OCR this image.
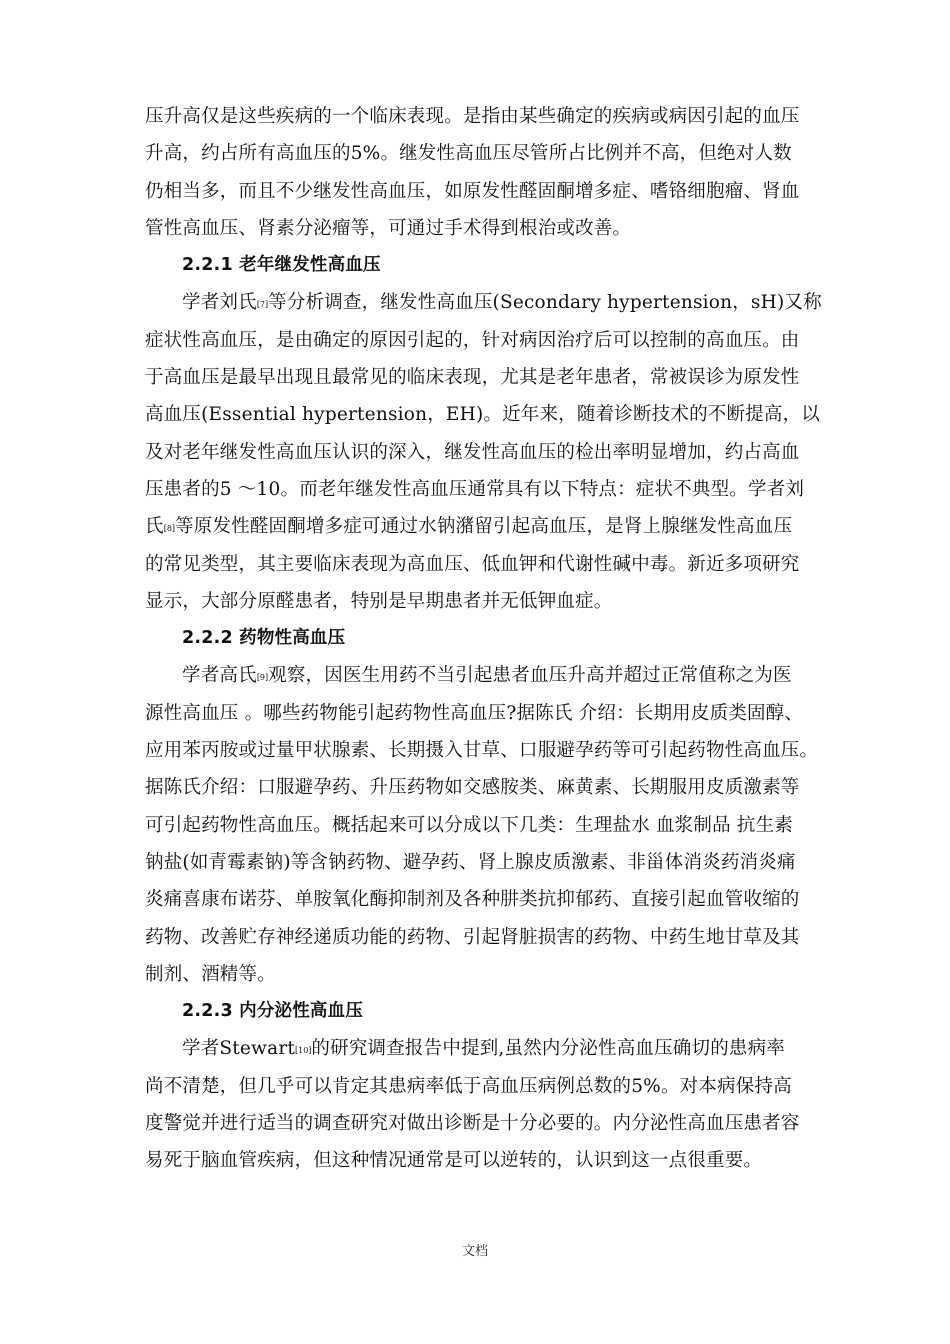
压升高仅是这些疾病的一个临床表现。是指由某些确定的疾病或病因引起的血压
升高，约占所有高血压的5%。继发性高血压尽管所占比例并不高，但绝对人数
仍相当多，而且不少继发性高血压，如原发性醛固酮增多症、嗜铬细胞瘤、肾血
管性高血压、肾素分泌瘤等，可通过手术得到根治或改善。
2.2.1 老年继发性高血压
学者刘氏[7]等分析调查，继发性高血压(Secondary hypertension，sH)又称
症状性高血压，是由确定的原因引起的，针对病因治疗后可以控制的高血压。由
于高血压是最早出现且最常见的临床表现，尤其是老年患者，常被误诊为原发性
高血压(Essential hypertension，EH)。近年来，随着诊断技术的不断提高，以
及对老年继发性高血压认识的深入，继发性高血压的检出率明显增加，约占高血
压患者的5 ～10。而老年继发性高血压通常具有以下特点：症状不典型。学者刘
氏[8]等原发性醛固酮增多症可通过水钠潴留引起高血压，是肾上腺继发性高血压
的常见类型，其主要临床表现为高血压、低血钾和代谢性碱中毒。新近多项研究
显示，大部分原醛患者，特别是早期患者并无低钾血症。
2.2.2 药物性高血压
学者高氏[9]观察，因医生用药不当引起患者血压升高并超过正常值称之为医
源性高血压 。哪些药物能引起药物性高血压?据陈氏 介绍：长期用皮质类固醇、
应用苯丙胺或过量甲状腺素、长期摄入甘草、口服避孕药等可引起药物性高血压。
据陈氏介绍：口服避孕药、升压药物如交感胺类、麻黄素、长期服用皮质激素等
可引起药物性高血压。概括起来可以分成以下几类：生理盐水 血浆制品 抗生素
钠盐(如青霉素钠)等含钠药物、避孕药、肾上腺皮质激素、非甾体消炎药消炎痛
炎痛喜康布诺芬、单胺氧化酶抑制剂及各种肼类抗抑郁药、直接引起血管收缩的
药物、改善贮存神经递质功能的药物、引起肾脏损害的药物、中药生地甘草及其
制剂、酒精等。
2.2.3 内分泌性高血压
学者Stewart[10]的研究调查报告中提到,虽然内分泌性高血压确切的患病率
尚不清楚，但几乎可以肯定其患病率低于高血压病例总数的5%。对本病保持高
度警觉并进行适当的调查研究对做出诊断是十分必要的。内分泌性高血压患者容
易死于脑血管疾病，但这种情况通常是可以逆转的，认识到这一点很重要。
文档
